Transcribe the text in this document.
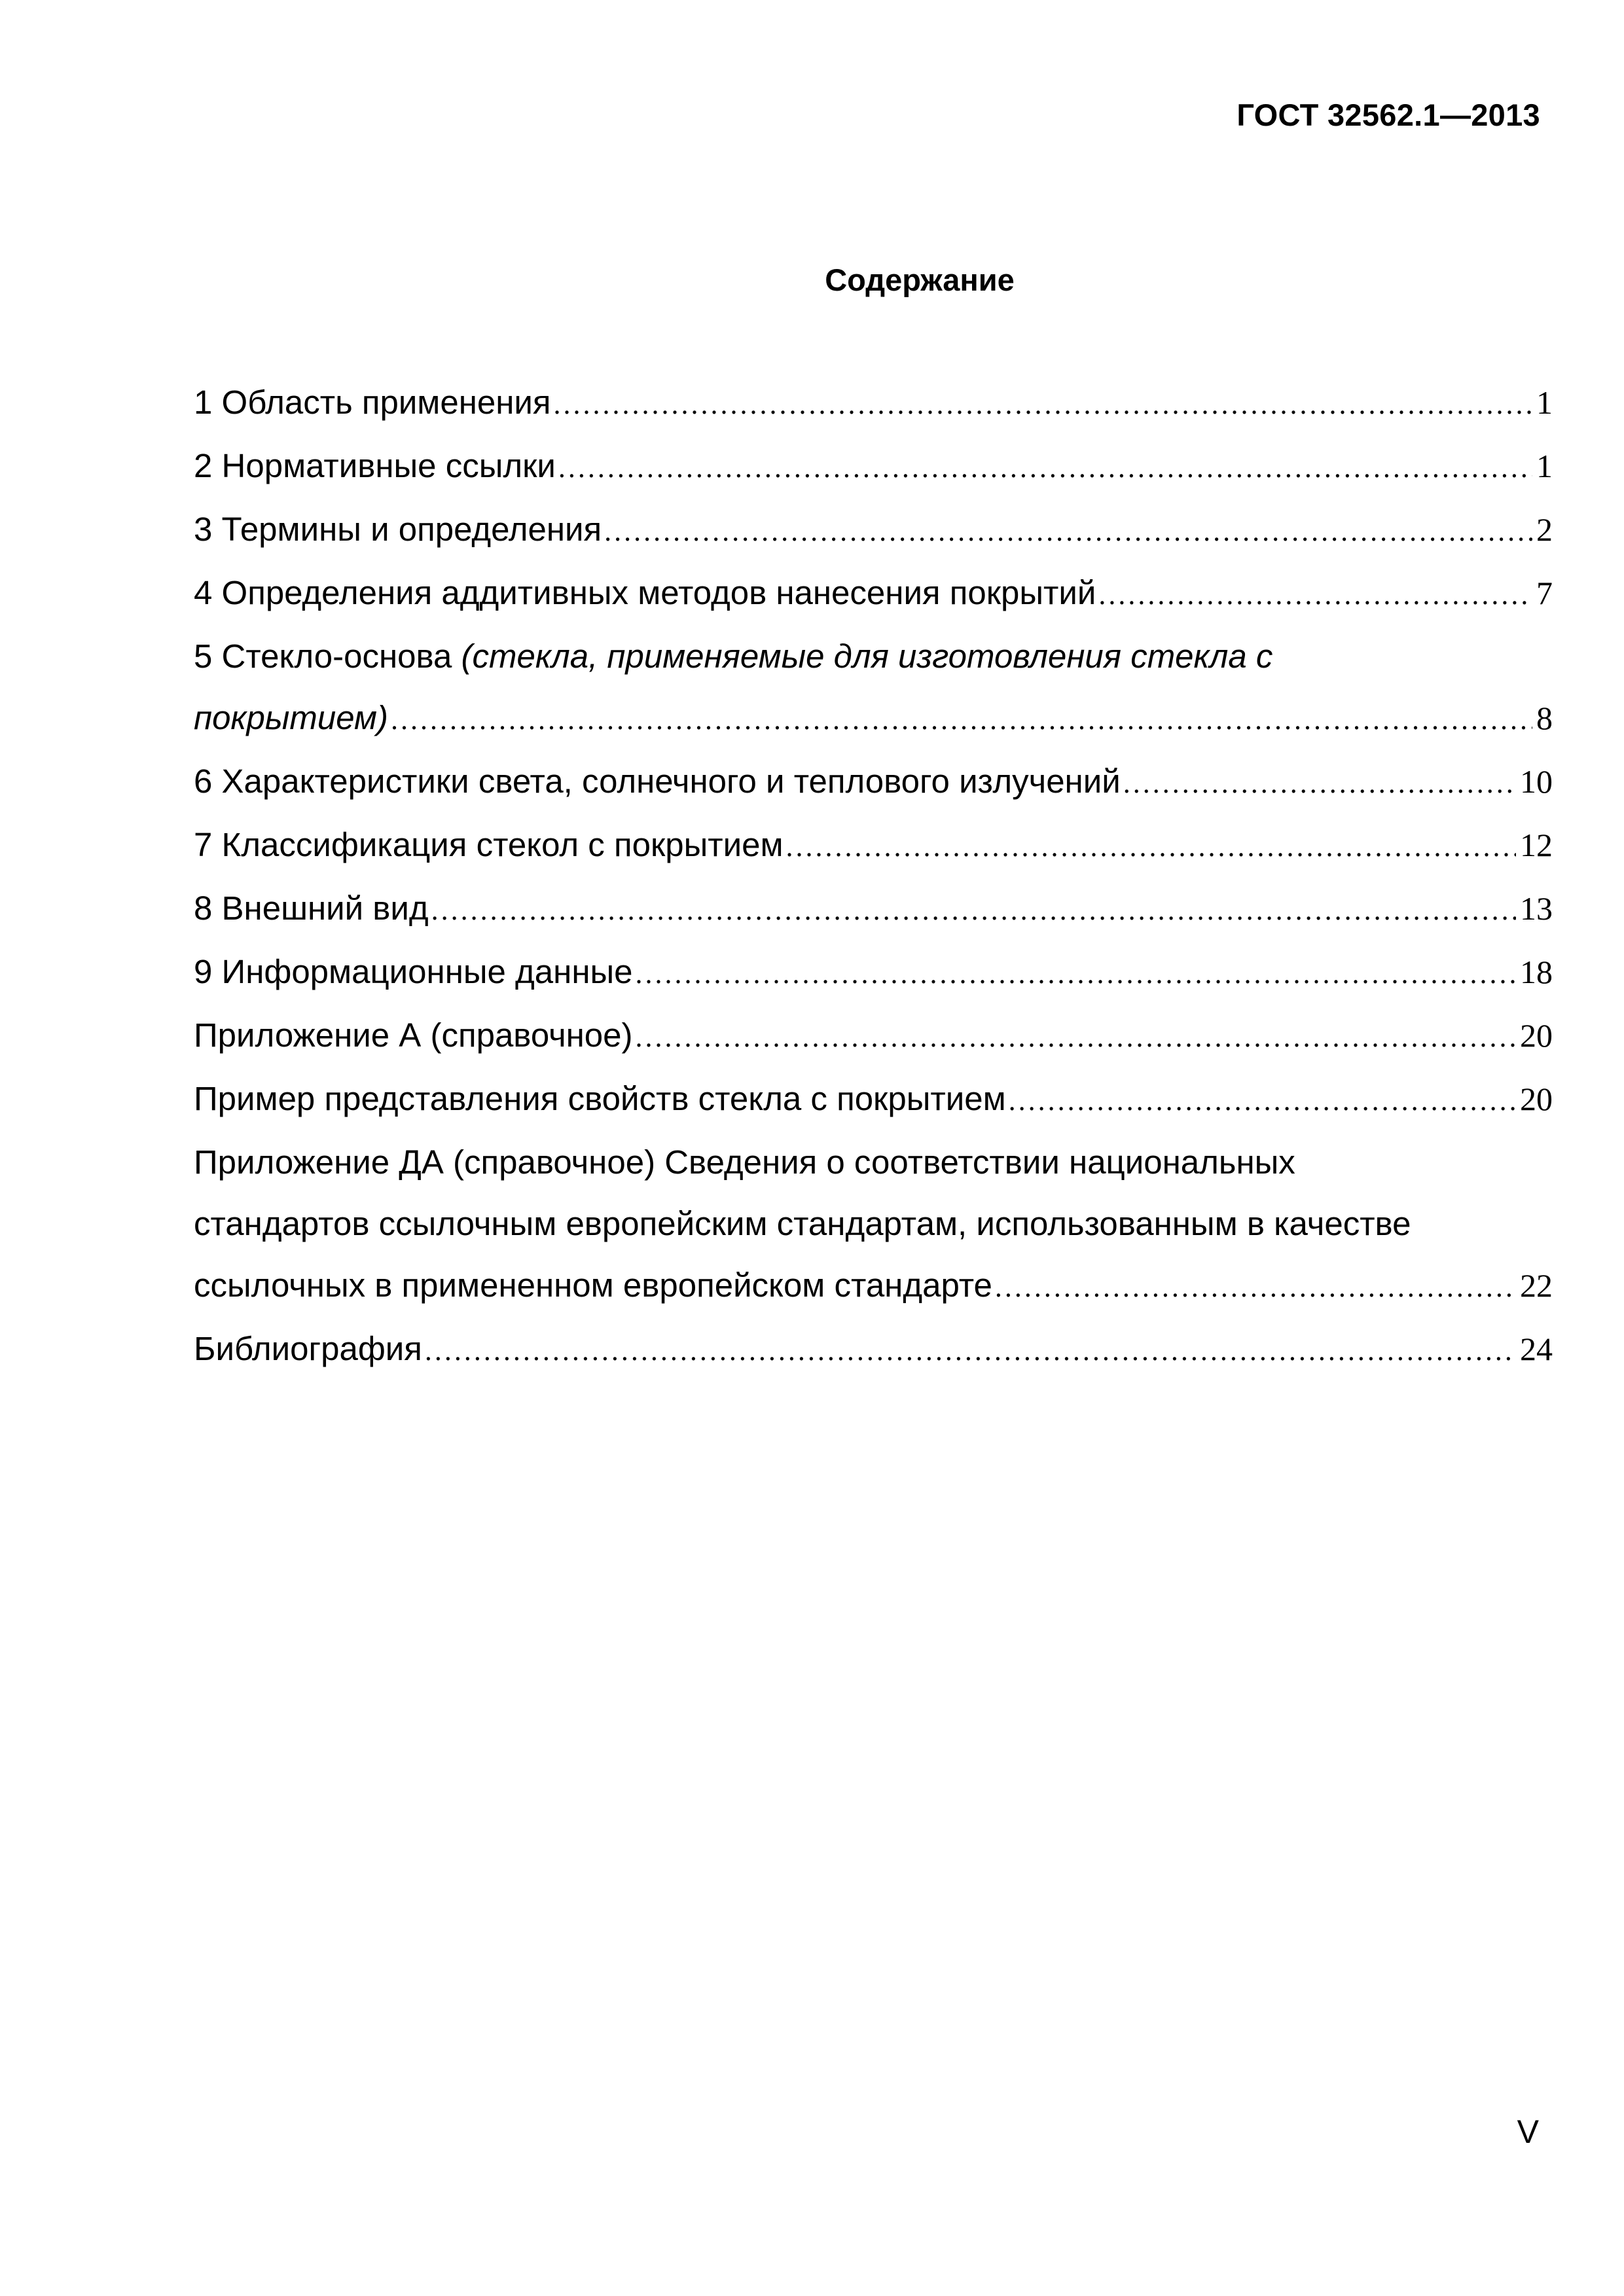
ГОСТ 32562.1—2013
Содержание
1 Область применения .....	1
2 Нормативные ссылки .....	1
3 Термины и определения .....	2
4 Определения аддитивных методов нанесения покрытий .....	7
5 Стекло-основа (стекла, применяемые для изготовления стекла с
покрытием) .....	8
6 Характеристики света, солнечного и теплового излучений .....	10
7 Классификация стекол с покрытием .....	12
8 Внешний вид .....	13
9 Информационные данные .....	18
Приложение А (справочное) .....	20
Пример представления свойств стекла с покрытием .....	20
Приложение ДА (справочное) Сведения о соответствии национальных
стандартов ссылочным европейским стандартам, использованным в качестве
ссылочных в примененном европейском стандарте .....	22
Библиография .....	24
V
